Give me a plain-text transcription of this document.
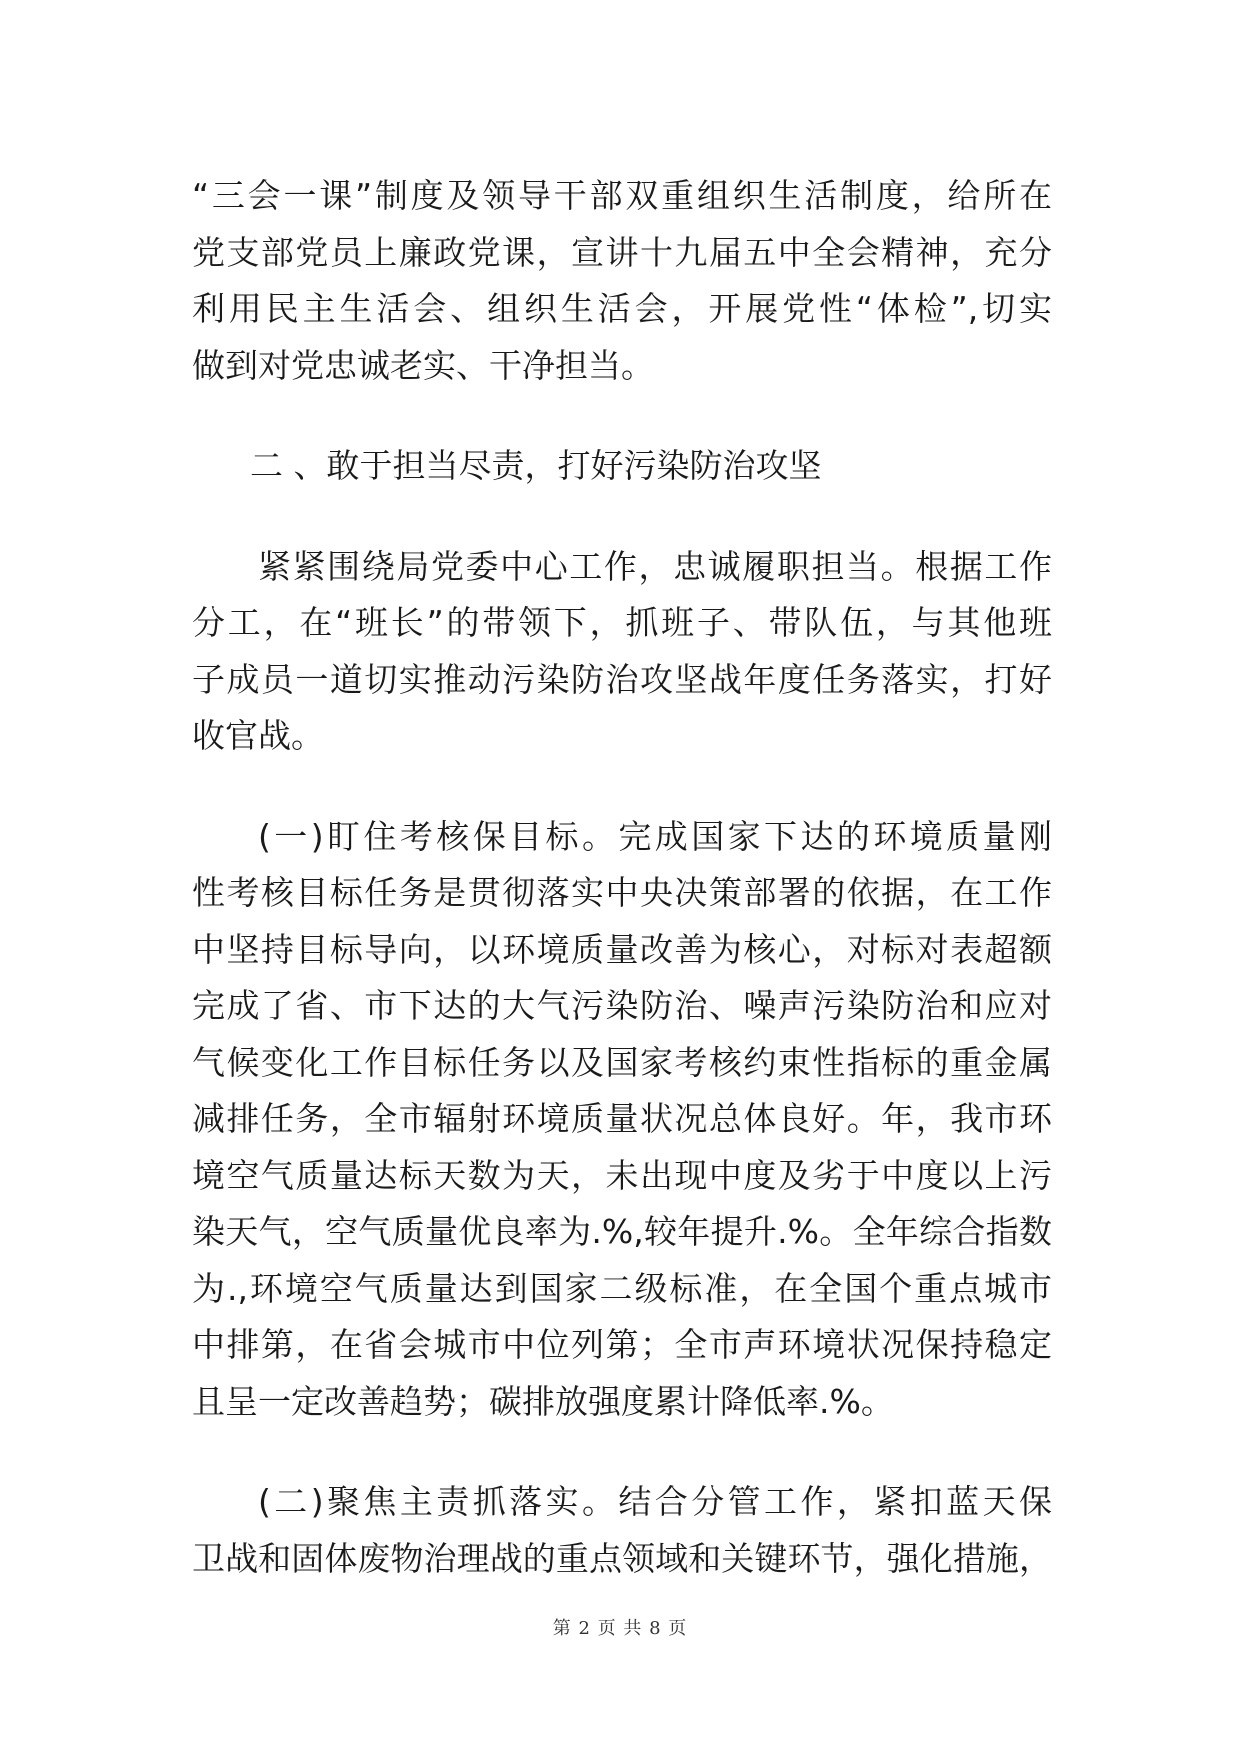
“三会一课”制度及领导干部双重组织生活制度，给所在
党支部党员上廉政党课，宣讲十九届五中全会精神，充分
利用民主生活会、组织生活会，开展党性“体检”,切实
做到对党忠诚老实、干净担当。
二 、敢于担当尽责，打好污染防治攻坚
紧紧围绕局党委中心工作，忠诚履职担当。根据工作
分工，在“班长”的带领下，抓班子、带队伍，与其他班
子成员一道切实推动污染防治攻坚战年度任务落实，打好
收官战。
(一)盯住考核保目标。完成国家下达的环境质量刚
性考核目标任务是贯彻落实中央决策部署的依据，在工作
中坚持目标导向，以环境质量改善为核心，对标对表超额
完成了省、市下达的大气污染防治、噪声污染防治和应对
气候变化工作目标任务以及国家考核约束性指标的重金属
减排任务，全市辐射环境质量状况总体良好。年，我市环
境空气质量达标天数为天，未出现中度及劣于中度以上污
染天气，空气质量优良率为.%,较年提升.%。全年综合指数
为.,环境空气质量达到国家二级标准，在全国个重点城市
中排第，在省会城市中位列第；全市声环境状况保持稳定
且呈一定改善趋势；碳排放强度累计降低率.%。
(二)聚焦主责抓落实。结合分管工作，紧扣蓝天保
卫战和固体废物治理战的重点领域和关键环节，强化措施，
第 2 页 共 8 页
